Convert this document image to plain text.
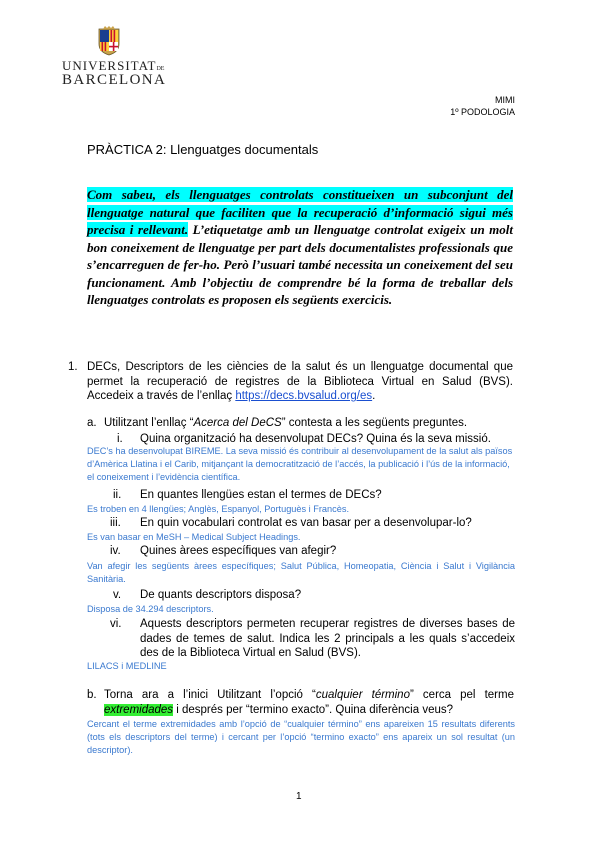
UNIVERSITATDE
BARCELONA
MIMI
1º PODOLOGIA
PRÀCTICA 2: Llenguatges documentals
Com sabeu, els llenguatges controlats constitueixen un subconjunt del llenguatge natural que faciliten que la recuperació d’informació sigui més precisa i rellevant. L’etiquetatge amb un llenguatge controlat exigeix un molt bon coneixement de llenguatge per part dels documentalistes professionals que s’encarreguen de fer-ho. Però l’usuari també necessita un coneixement del seu funcionament. Amb l’objectiu de comprendre bé la forma de treballar dels llenguatges controlats es proposen els següents exercicis.
1. DECs, Descriptors de les ciències de la salut és un llenguatge documental que permet la recuperació de registres de la Biblioteca Virtual en Salud (BVS). Accedeix a través de l’enllaç https://decs.bvsalud.org/es.
a. Utilitzant l’enllaç “Acerca del DeCS” contesta a les següents preguntes.
i. Quina organització ha desenvolupat DECs? Quina és la seva missió.
DEC’s ha desenvolupat BIREME. La seva missió és contribuir al desenvolupament de la salut als països d’Amèrica Llatina i el Carib, mitjançant la democratització de l’accés, la publicació i l’ús de la informació, el coneixement i l’evidència científica.
ii. En quantes llengües estan el termes de DECs?
Es troben en 4 llengües; Anglès, Espanyol, Portuguès i Francès.
iii. En quin vocabulari controlat es van basar per a desenvolupar-lo?
Es van basar en MeSH – Medical Subject Headings.
iv. Quines àrees específiques van afegir?
Van afegir les següents àrees específiques; Salut Pública, Homeopatia, Ciència i Salut i Vigilància Sanitària.
v. De quants descriptors disposa?
Disposa de 34.294 descriptors.
vi. Aquests descriptors permeten recuperar registres de diverses bases de dades de temes de salut. Indica les 2 principals a les quals s’accedeix des de la Biblioteca Virtual en Salud (BVS).
LILACS i MEDLINE
b. Torna ara a l’inici Utilitzant l’opció “cualquier término” cerca pel terme extremidades i després per “termino exacto”. Quina diferència veus?
Cercant el terme extremidades amb l’opció de “cualquier término” ens apareixen 15 resultats diferents (tots els descriptors del terme) i cercant per l’opció “termino exacto” ens apareix un sol resultat (un descriptor).
1
